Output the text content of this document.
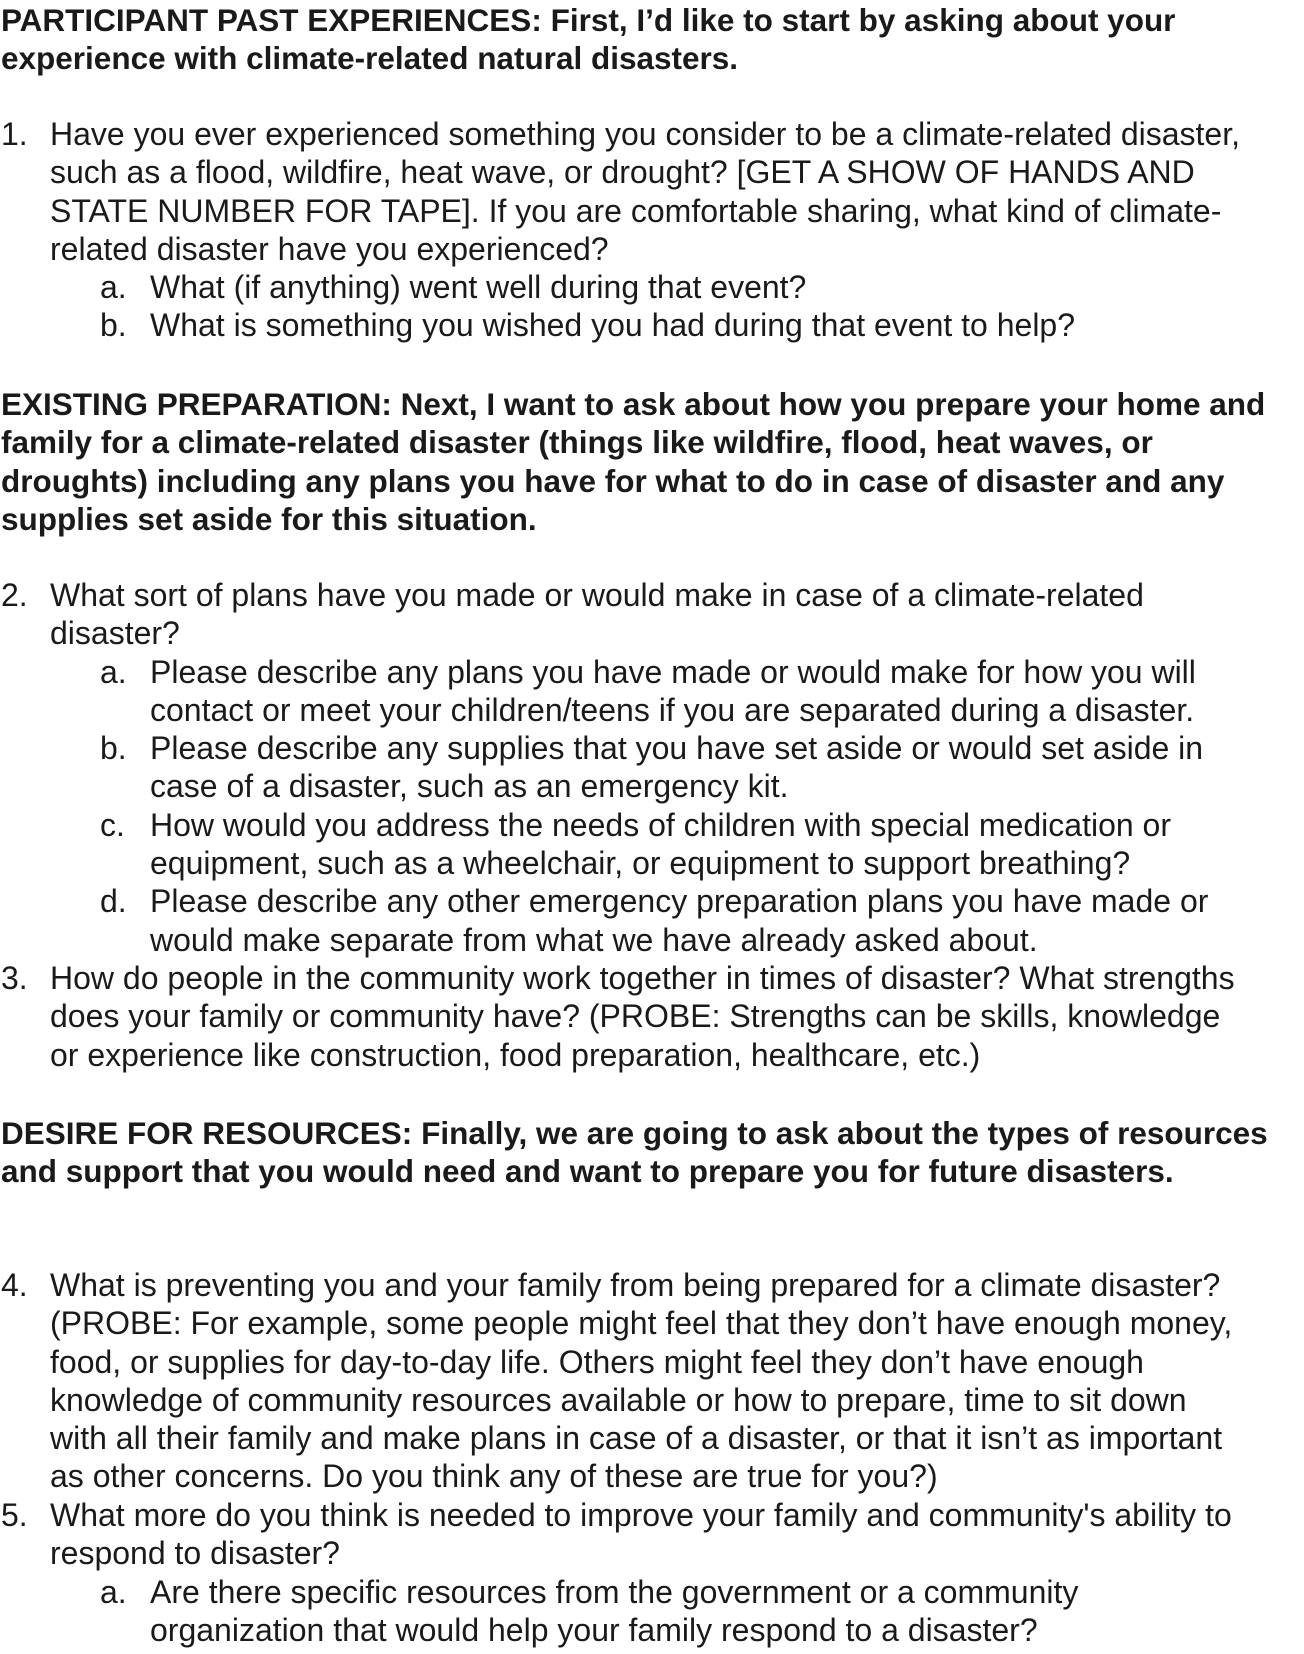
PARTICIPANT PAST EXPERIENCES: First, I’d like to start by asking about your experience with climate-related natural disasters.
1. Have you ever experienced something you consider to be a climate-related disaster,
such as a flood, wildfire, heat wave, or drought? [GET A SHOW OF HANDS AND
STATE NUMBER FOR TAPE]. If you are comfortable sharing, what kind of climate-
related disaster have you experienced?
a. What (if anything) went well during that event?
b. What is something you wished you had during that event to help?
EXISTING PREPARATION: Next, I want to ask about how you prepare your home and family for a climate-related disaster (things like wildfire, flood, heat waves, or droughts) including any plans you have for what to do in case of disaster and any supplies set aside for this situation.
2. What sort of plans have you made or would make in case of a climate-related
disaster?
a. Please describe any plans you have made or would make for how you will
contact or meet your children/teens if you are separated during a disaster.
b. Please describe any supplies that you have set aside or would set aside in
case of a disaster, such as an emergency kit.
c. How would you address the needs of children with special medication or
equipment, such as a wheelchair, or equipment to support breathing?
d. Please describe any other emergency preparation plans you have made or
would make separate from what we have already asked about.
3. How do people in the community work together in times of disaster? What strengths
does your family or community have? (PROBE: Strengths can be skills, knowledge
or experience like construction, food preparation, healthcare, etc.)
DESIRE FOR RESOURCES: Finally, we are going to ask about the types of resources and support that you would need and want to prepare you for future disasters.
4. What is preventing you and your family from being prepared for a climate disaster?
(PROBE: For example, some people might feel that they don’t have enough money,
food, or supplies for day-to-day life. Others might feel they don’t have enough
knowledge of community resources available or how to prepare, time to sit down
with all their family and make plans in case of a disaster, or that it isn’t as important
as other concerns. Do you think any of these are true for you?)
5. What more do you think is needed to improve your family and community's ability to
respond to disaster?
a. Are there specific resources from the government or a community
organization that would help your family respond to a disaster?
